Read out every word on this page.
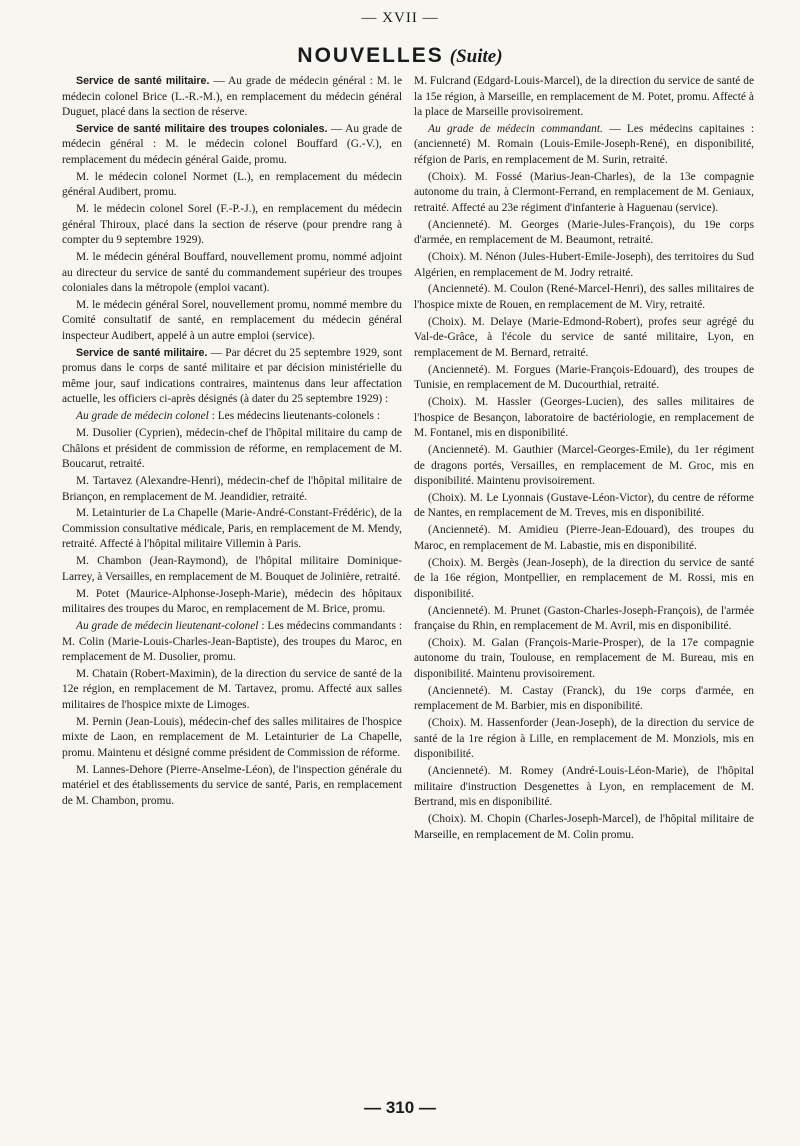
— XVII —
NOUVELLES (Suite)

Service de santé militaire. — Au grade de médecin général : M. le médecin colonel Brice (L.-R.-M.), en remplacement du médecin général Duguet, placé dans la section de réserve.

Service de santé militaire des troupes coloniales. — Au grade de médecin général : M. le médecin colonel Bouffard (G.-V.), en remplacement du médecin général Gaide, promu.

M. le médecin colonel Normet (L.), en remplacement du médecin général Audibert, promu.

M. le médecin colonel Sorel (F.-P.-J.), en remplacement du médecin général Thiroux, placé dans la section de réserve (pour prendre rang à compter du 9 septembre 1929).

M. le médecin général Bouffard, nouvellement promu, nommé adjoint au directeur du service de santé du commandement supérieur des troupes coloniales dans la métropole (emploi vacant).

M. le médecin général Sorel, nouvellement promu, nommé membre du Comité consultatif de santé, en remplacement du médecin général inspecteur Audibert, appelé à un autre emploi (service).

Service de santé militaire. — Par décret du 25 septembre 1929, sont promus dans le corps de santé militaire et par décision ministérielle du même jour, sauf indications contraires, maintenus dans leur affectation actuelle, les officiers ci-après désignés (à dater du 25 septembre 1929) :

Au grade de médecin colonel : Les médecins lieutenants-colonels :

M. Dusolier (Cyprien), médecin-chef de l'hôpital militaire du camp de Châlons et président de commission de réforme, en remplacement de M. Boucarut, retraité.

M. Tartavez (Alexandre-Henri), médecin-chef de l'hôpital militaire de Briançon, en remplacement de M. Jeandidier, retraité.

M. Letainturier de La Chapelle (Marie-André-Constant-Frédéric), de la Commission consultative médicale, Paris, en remplacement de M. Mendy, retraité. Affecté à l'hôpital militaire Villemin à Paris.

M. Chambon (Jean-Raymond), de l'hôpital militaire Dominique-Larrey, à Versailles, en remplacement de M. Bouquet de Jolinière, retraité.

M. Potet (Maurice-Alphonse-Joseph-Marie), médecin des hôpitaux militaires des troupes du Maroc, en remplacement de M. Brice, promu.

Au grade de médecin lieutenant-colonel : Les médecins commandants : M. Colin (Marie-Louis-Charles-Jean-Baptiste), des troupes du Maroc, en remplacement de M. Dusolier, promu.

M. Chatain (Robert-Maximin), de la direction du service de santé de la 12e région, en remplacement de M. Tartavez, promu. Affecté aux salles militaires de l'hospice mixte de Limoges.

M. Pernin (Jean-Louis), médecin-chef des salles militaires de l'hospice mixte de Laon, en remplacement de M. Letainturier de La Chapelle, promu. Maintenu et désigné comme président de Commission de réforme.

M. Lannes-Dehore (Pierre-Anselme-Léon), de l'inspection générale du matériel et des établissements du service de santé, Paris, en remplacement de M. Chambon, promu.

M. Fulcrand (Edgard-Louis-Marcel), de la direction du service de santé de la 15e région, à Marseille, en remplacement de M. Potet, promu. Affecté à la place de Marseille provisoirement.

Au grade de médecin commandant. — Les médecins capitaines : (ancienneté) M. Romain (Louis-Emile-Joseph-René), en disponibilité, réfgion de Paris, en remplacement de M. Surin, retraité.

(Choix). M. Fossé (Marius-Jean-Charles), de la 13e compagnie autonome du train, à Clermont-Ferrand, en remplacement de M. Geniaux, retraité. Affecté au 23e régiment d'infanterie à Haguenau (service).

(Ancienneté). M. Georges (Marie-Jules-François), du 19e corps d'armée, en remplacement de M. Beaumont, retraité.

(Choix). M. Nénon (Jules-Hubert-Emile-Joseph), des territoires du Sud Algérien, en remplacement de M. Jodry retraité.

(Ancienneté). M. Coulon (René-Marcel-Henri), des salles militaires de l'hospice mixte de Rouen, en remplacement de M. Viry, retraité.

(Choix). M. Delaye (Marie-Edmond-Robert), profes seur agrégé du Val-de-Grâce, à l'école du service de santé militaire, Lyon, en remplacement de M. Bernard, retraité.

(Ancienneté). M. Forgues (Marie-François-Edouard), des troupes de Tunisie, en remplacement de M. Ducourthial, retraité.

(Choix). M. Hassler (Georges-Lucien), des salles militaires de l'hospice de Besançon, laboratoire de bactériologie, en remplacement de M. Fontanel, mis en disponibilité.

(Ancienneté). M. Gauthier (Marcel-Georges-Emile), du 1er régiment de dragons portés, Versailles, en remplacement de M. Groc, mis en disponibilité. Maintenu provisoirement.

(Choix). M. Le Lyonnais (Gustave-Léon-Victor), du centre de réforme de Nantes, en remplacement de M. Treves, mis en disponibilité.

(Ancienneté). M. Amidieu (Pierre-Jean-Edouard), des troupes du Maroc, en remplacement de M. Labastie, mis en disponibilité.

(Choix). M. Bergès (Jean-Joseph), de la direction du service de santé de la 16e région, Montpellier, en remplacement de M. Rossi, mis en disponibilité.

(Ancienneté). M. Prunet (Gaston-Charles-Joseph-François), de l'armée française du Rhin, en remplacement de M. Avril, mis en disponibilité.

(Choix). M. Galan (François-Marie-Prosper), de la 17e compagnie autonome du train, Toulouse, en remplacement de M. Bureau, mis en disponibilité. Maintenu provisoirement.

(Ancienneté). M. Castay (Franck), du 19e corps d'armée, en remplacement de M. Barbier, mis en disponibilité.

(Choix). M. Hassenforder (Jean-Joseph), de la direction du service de santé de la 1re région à Lille, en remplacement de M. Monziols, mis en disponibilité.

(Ancienneté). M. Romey (André-Louis-Léon-Marie), de l'hôpital militaire d'instruction Desgenettes à Lyon, en remplacement de M. Bertrand, mis en disponibilité.

(Choix). M. Chopin (Charles-Joseph-Marcel), de l'hôpital militaire de Marseille, en remplacement de M. Colin promu.

— 310 —
